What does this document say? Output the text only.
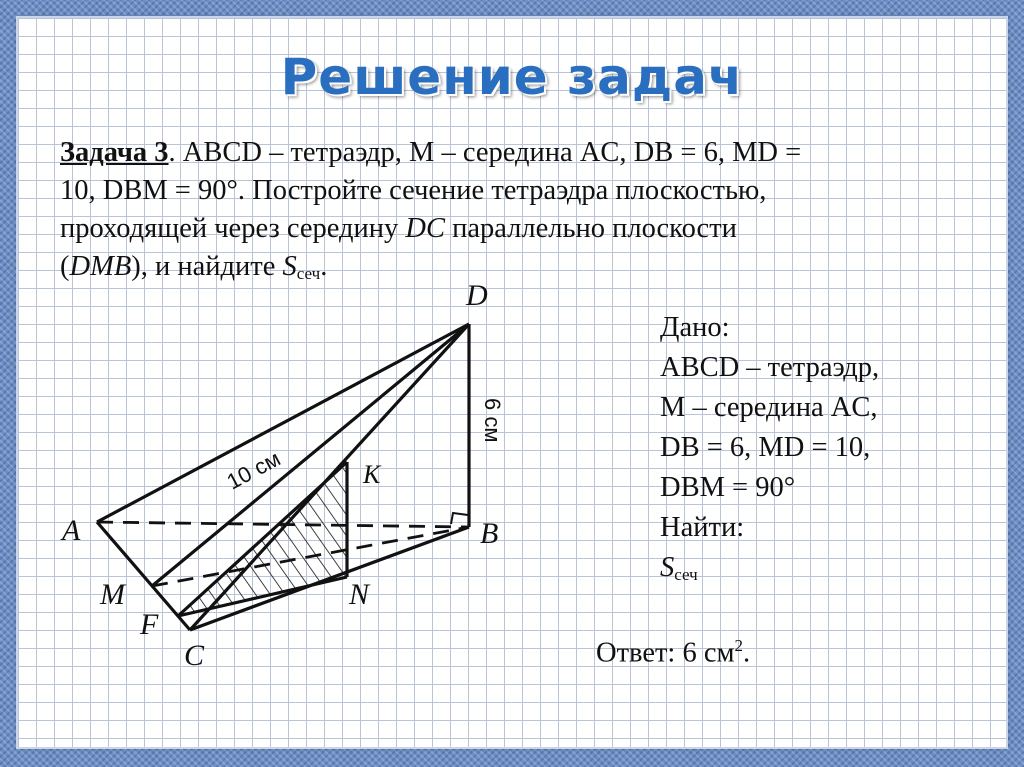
Решение задач
Задача 3. ABCD – тетраэдр, M – середина AC, DB = 6, MD =
10, DBM = 90°. Постройте сечение тетраэдра плоскостью,
проходящей через середину DC параллельно плоскости
(DMB), и найдите $S_{сеч}$.
D
A	B
C
M
F
N
K
10 см
6 см
Дано:
ABCD – тетраэдр,
M – середина AC,
DB = 6, MD = 10,
DBM = 90°
Найти:
$S_{сеч}$
Ответ: 6 $см^2$.
